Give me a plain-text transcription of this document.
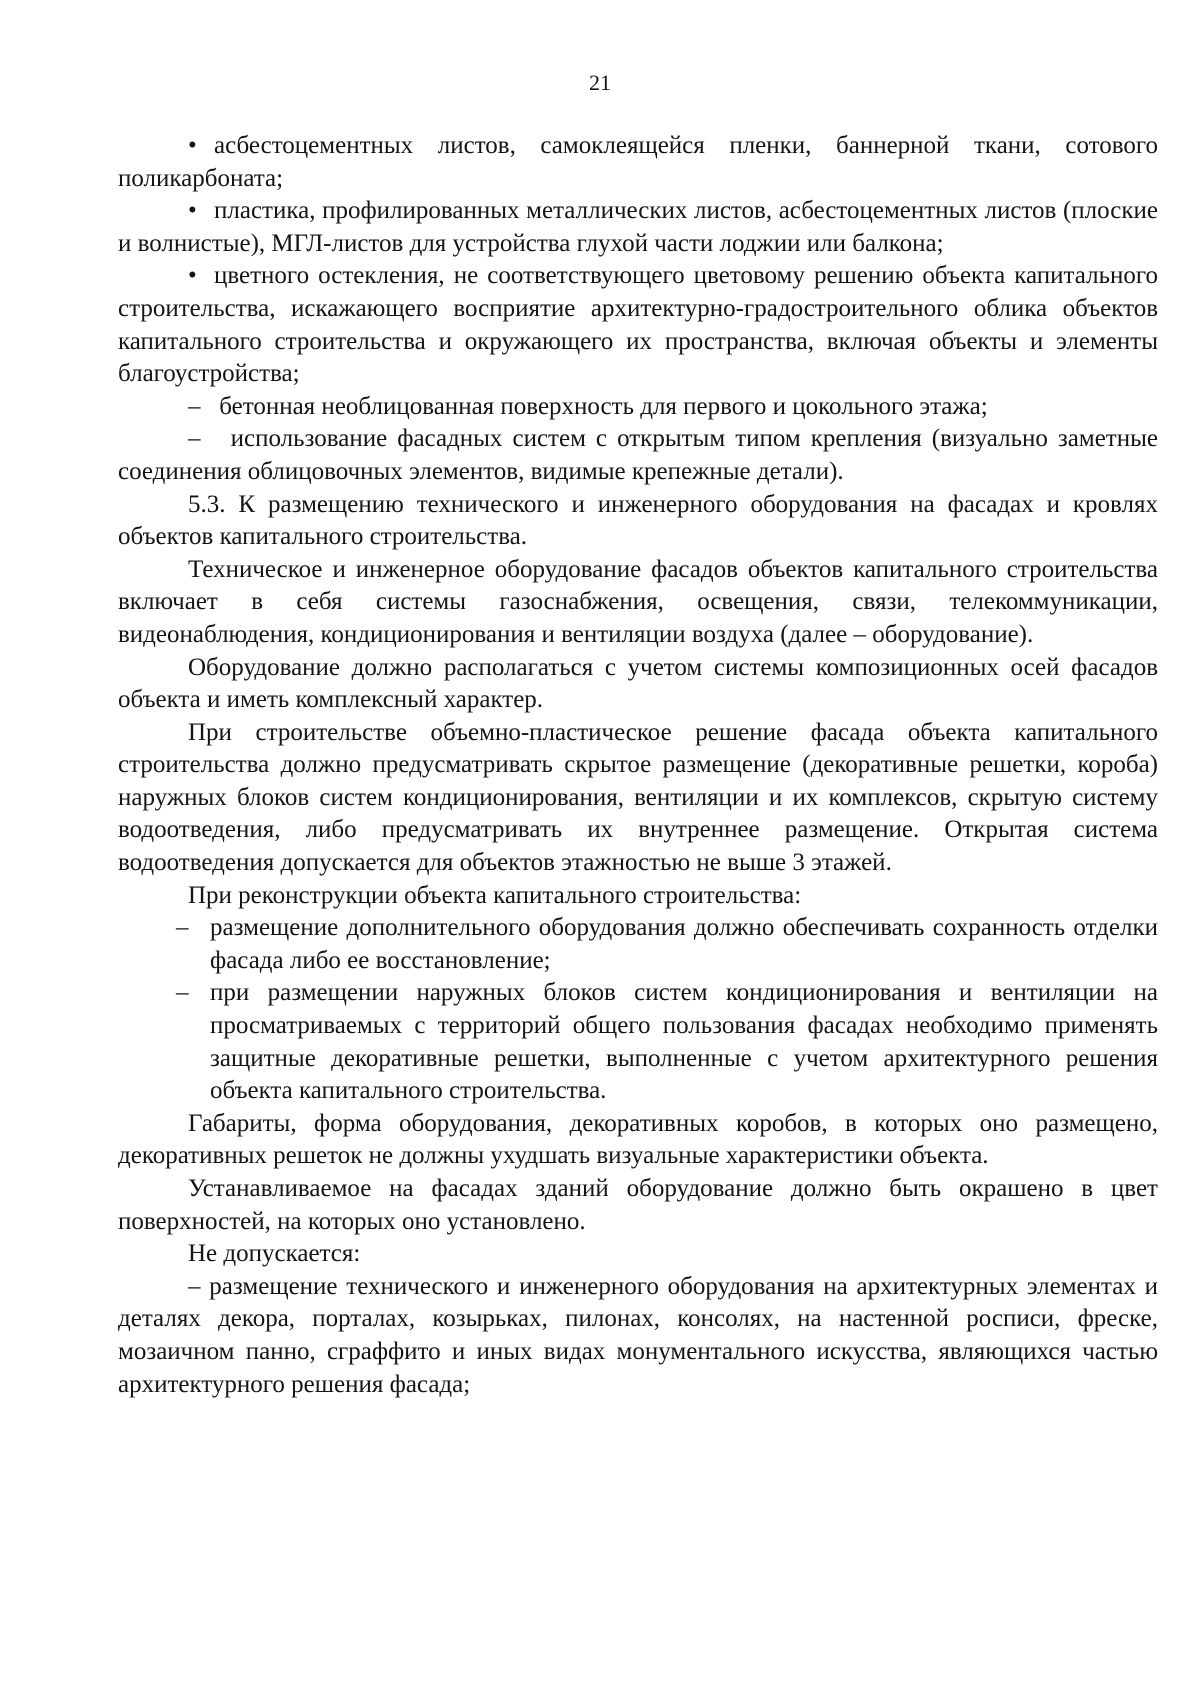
21

• асбестоцементных листов, самоклеящейся пленки, баннерной ткани, сотового поликарбоната;

• пластика, профилированных металлических листов, асбестоцементных листов (плоские и волнистые), МГЛ-листов для устройства глухой части лоджии или балкона;

• цветного остекления, не соответствующего цветовому решению объекта капитального строительства, искажающего восприятие архитектурно-градостроительного облика объектов капитального строительства и окружающего их пространства, включая объекты и элементы благоустройства;

– бетонная необлицованная поверхность для первого и цокольного этажа;

– использование фасадных систем с открытым типом крепления (визуально заметные соединения облицовочных элементов, видимые крепежные детали).

5.3. К размещению технического и инженерного оборудования на фасадах и кровлях объектов капитального строительства.

Техническое и инженерное оборудование фасадов объектов капитального строительства включает в себя системы газоснабжения, освещения, связи, телекоммуникации, видеонаблюдения, кондиционирования и вентиляции воздуха (далее – оборудование).

Оборудование должно располагаться с учетом системы композиционных осей фасадов объекта и иметь комплексный характер.

При строительстве объемно-пластическое решение фасада объекта капитального строительства должно предусматривать скрытое размещение (декоративные решетки, короба) наружных блоков систем кондиционирования, вентиляции и их комплексов, скрытую систему водоотведения, либо предусматривать их внутреннее размещение. Открытая система водоотведения допускается для объектов этажностью не выше 3 этажей.

При реконструкции объекта капитального строительства:

– размещение дополнительного оборудования должно обеспечивать сохранность отделки фасада либо ее восстановление;

– при размещении наружных блоков систем кондиционирования и вентиляции на просматриваемых с территорий общего пользования фасадах необходимо применять защитные декоративные решетки, выполненные с учетом архитектурного решения объекта капитального строительства.

Габариты, форма оборудования, декоративных коробов, в которых оно размещено, декоративных решеток не должны ухудшать визуальные характеристики объекта.

Устанавливаемое на фасадах зданий оборудование должно быть окрашено в цвет поверхностей, на которых оно установлено.

Не допускается:

– размещение технического и инженерного оборудования на архитектурных элементах и деталях декора, порталах, козырьках, пилонах, консолях, на настенной росписи, фреске, мозаичном панно, сграффито и иных видах монументального искусства, являющихся частью архитектурного решения фасада;
